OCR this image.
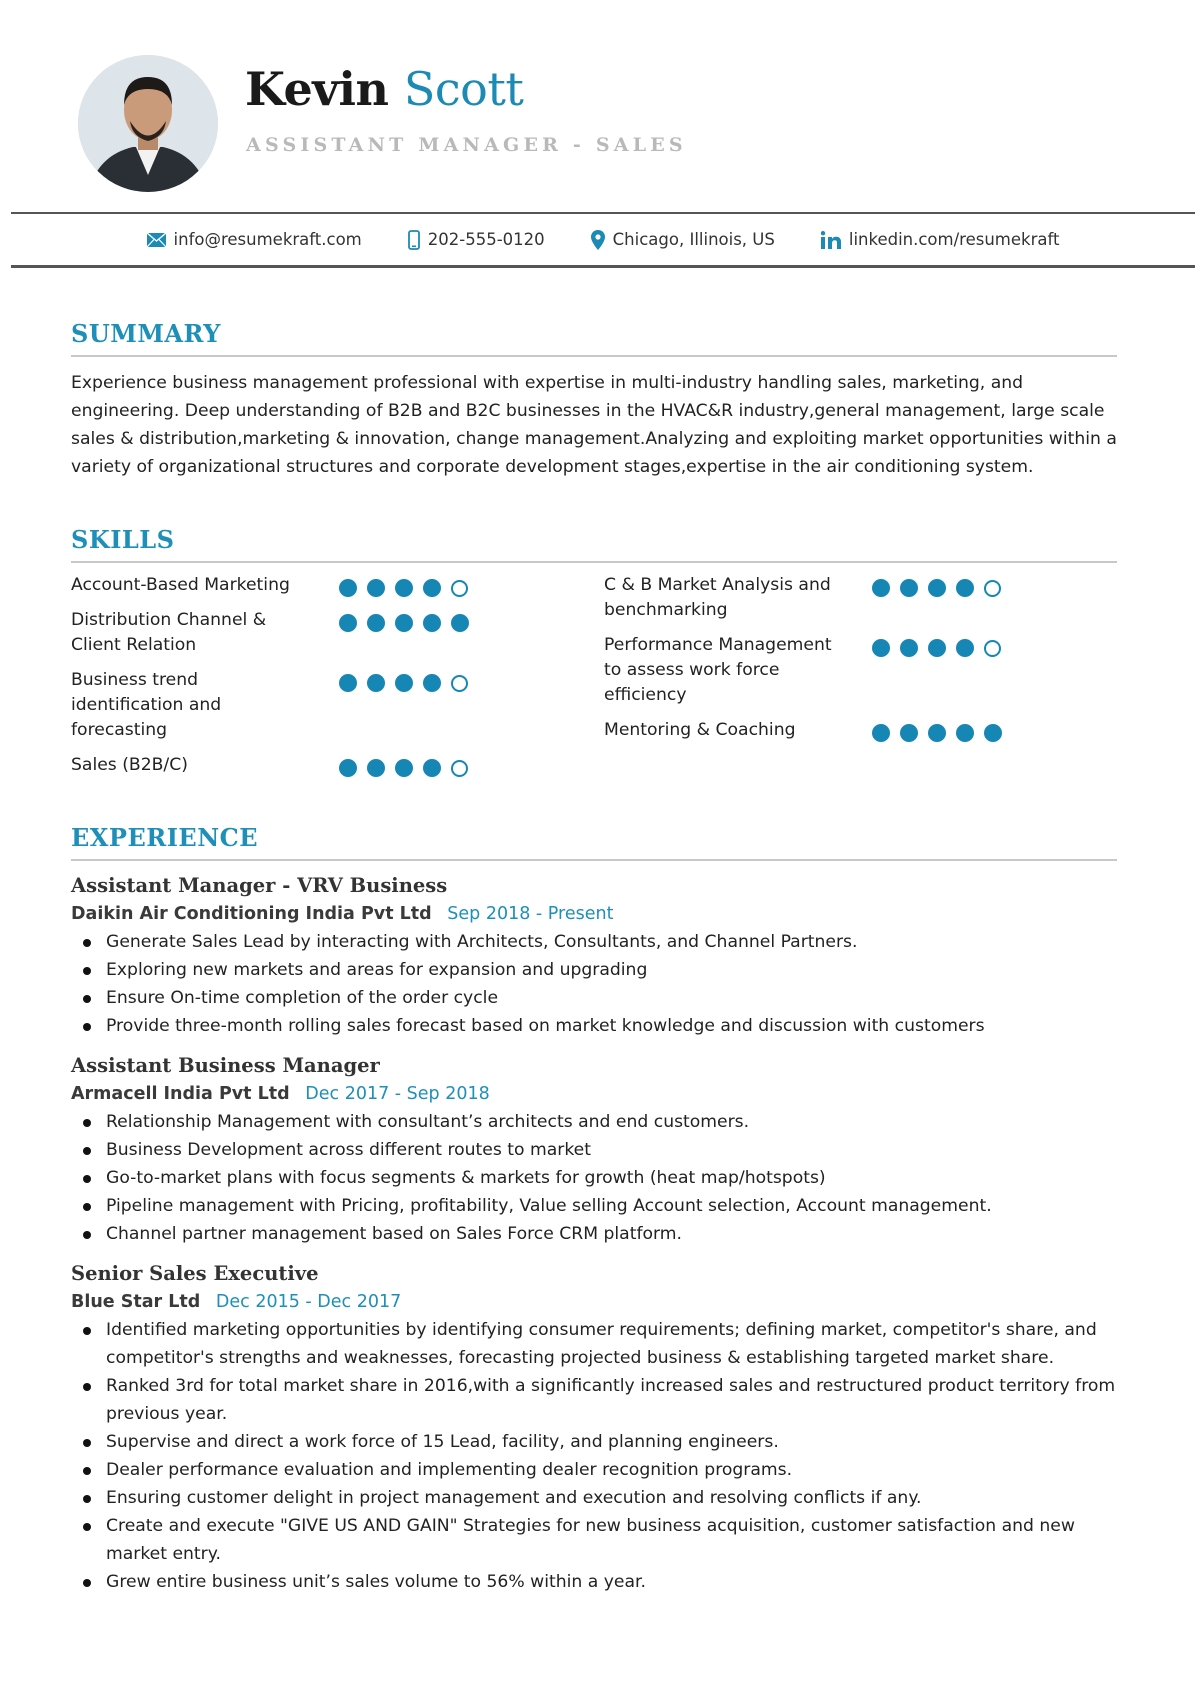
Kevin Scott
ASSISTANT MANAGER - SALES
info@resumekraft.com	202-555-0120	Chicago, Illinois, US	linkedin.com/resumekraft
SUMMARY

Experience business management professional with expertise in multi-industry handling sales, marketing, and engineering. Deep understanding of B2B and B2C businesses in the HVAC&R industry,general management, large scale sales & distribution,marketing & innovation, change management.Analyzing and exploiting market opportunities within a variety of organizational structures and corporate development stages,expertise in the air conditioning system.

SKILLS
Account-Based Marketing
Distribution Channel & Client Relation
Business trend identification and forecasting
Sales (B2B/C)
C & B Market Analysis and benchmarking
Performance Management to assess work force efficiency
Mentoring & Coaching
EXPERIENCE
Assistant Manager - VRV Business
Daikin Air Conditioning India Pvt Ltd Sep 2018 - Present
Generate Sales Lead by interacting with Architects, Consultants, and Channel Partners.
Exploring new markets and areas for expansion and upgrading
Ensure On-time completion of the order cycle
Provide three-month rolling sales forecast based on market knowledge and discussion with customers
Assistant Business Manager
Armacell India Pvt Ltd Dec 2017 - Sep 2018
Relationship Management with consultant’s architects and end customers.
Business Development across different routes to market
Go-to-market plans with focus segments & markets for growth (heat map/hotspots)
Pipeline management with Pricing, profitability, Value selling Account selection, Account management.
Channel partner management based on Sales Force CRM platform.
Senior Sales Executive
Blue Star Ltd Dec 2015 - Dec 2017
Identified marketing opportunities by identifying consumer requirements; defining market, competitor's share, and competitor's strengths and weaknesses, forecasting projected business & establishing targeted market share.
Ranked 3rd for total market share in 2016,with a significantly increased sales and restructured product territory from previous year.
Supervise and direct a work force of 15 Lead, facility, and planning engineers.
Dealer performance evaluation and implementing dealer recognition programs.
Ensuring customer delight in project management and execution and resolving conflicts if any.
Create and execute "GIVE US AND GAIN" Strategies for new business acquisition, customer satisfaction and new market entry.
Grew entire business unit’s sales volume to 56% within a year.
